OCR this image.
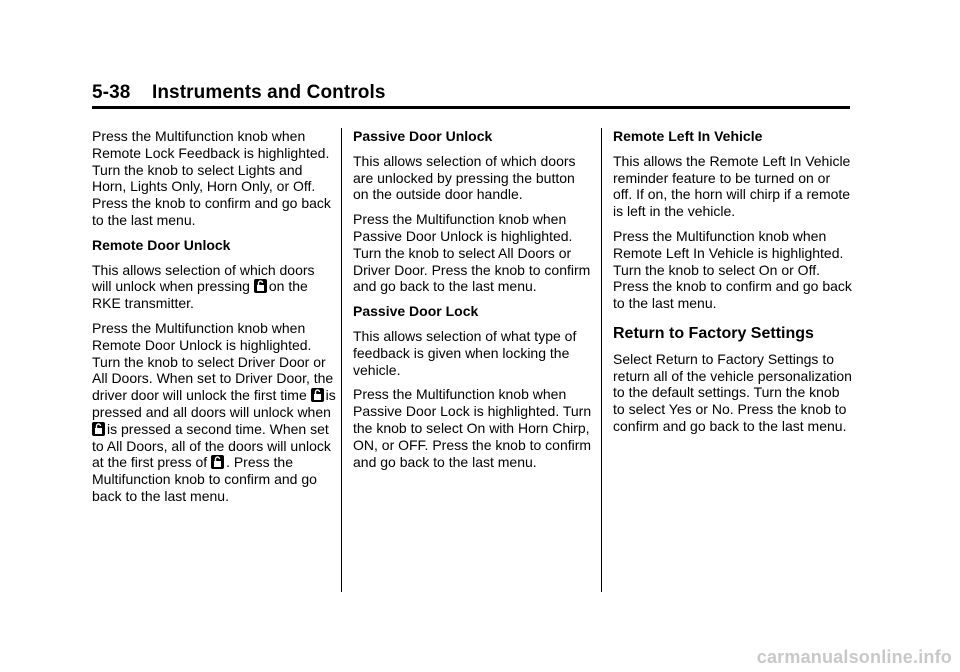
5-38 Instruments and Controls

Press the Multifunction knob when Remote Lock Feedback is highlighted. Turn the knob to select Lights and Horn, Lights Only, Horn Only, or Off. Press the knob to confirm and go back to the last menu.

Remote Door Unlock

This allows selection of which doors will unlock when pressing
on the RKE transmitter.

Press the Multifunction knob when Remote Door Unlock is highlighted. Turn the knob to select Driver Door or All Doors. When set to Driver Door, the driver door will unlock the first time
is pressed and all doors will unlock when
is pressed a second time. When set to All Doors, all of the doors will unlock at the first press of
. Press the Multifunction knob to confirm and go back to the last menu.

Passive Door Unlock

This allows selection of which doors are unlocked by pressing the button on the outside door handle.

Press the Multifunction knob when Passive Door Unlock is highlighted. Turn the knob to select All Doors or Driver Door. Press the knob to confirm and go back to the last menu.

Passive Door Lock

This allows selection of what type of feedback is given when locking the vehicle.

Press the Multifunction knob when Passive Door Lock is highlighted. Turn the knob to select On with Horn Chirp, ON, or OFF. Press the knob to confirm and go back to the last menu.

Remote Left In Vehicle

This allows the Remote Left In Vehicle reminder feature to be turned on or off. If on, the horn will chirp if a remote is left in the vehicle.

Press the Multifunction knob when Remote Left In Vehicle is highlighted. Turn the knob to select On or Off. Press the knob to confirm and go back to the last menu.

Return to Factory Settings

Select Return to Factory Settings to return all of the vehicle personalization to the default settings. Turn the knob to select Yes or No. Press the knob to confirm and go back to the last menu.

carmanualsonline.info
